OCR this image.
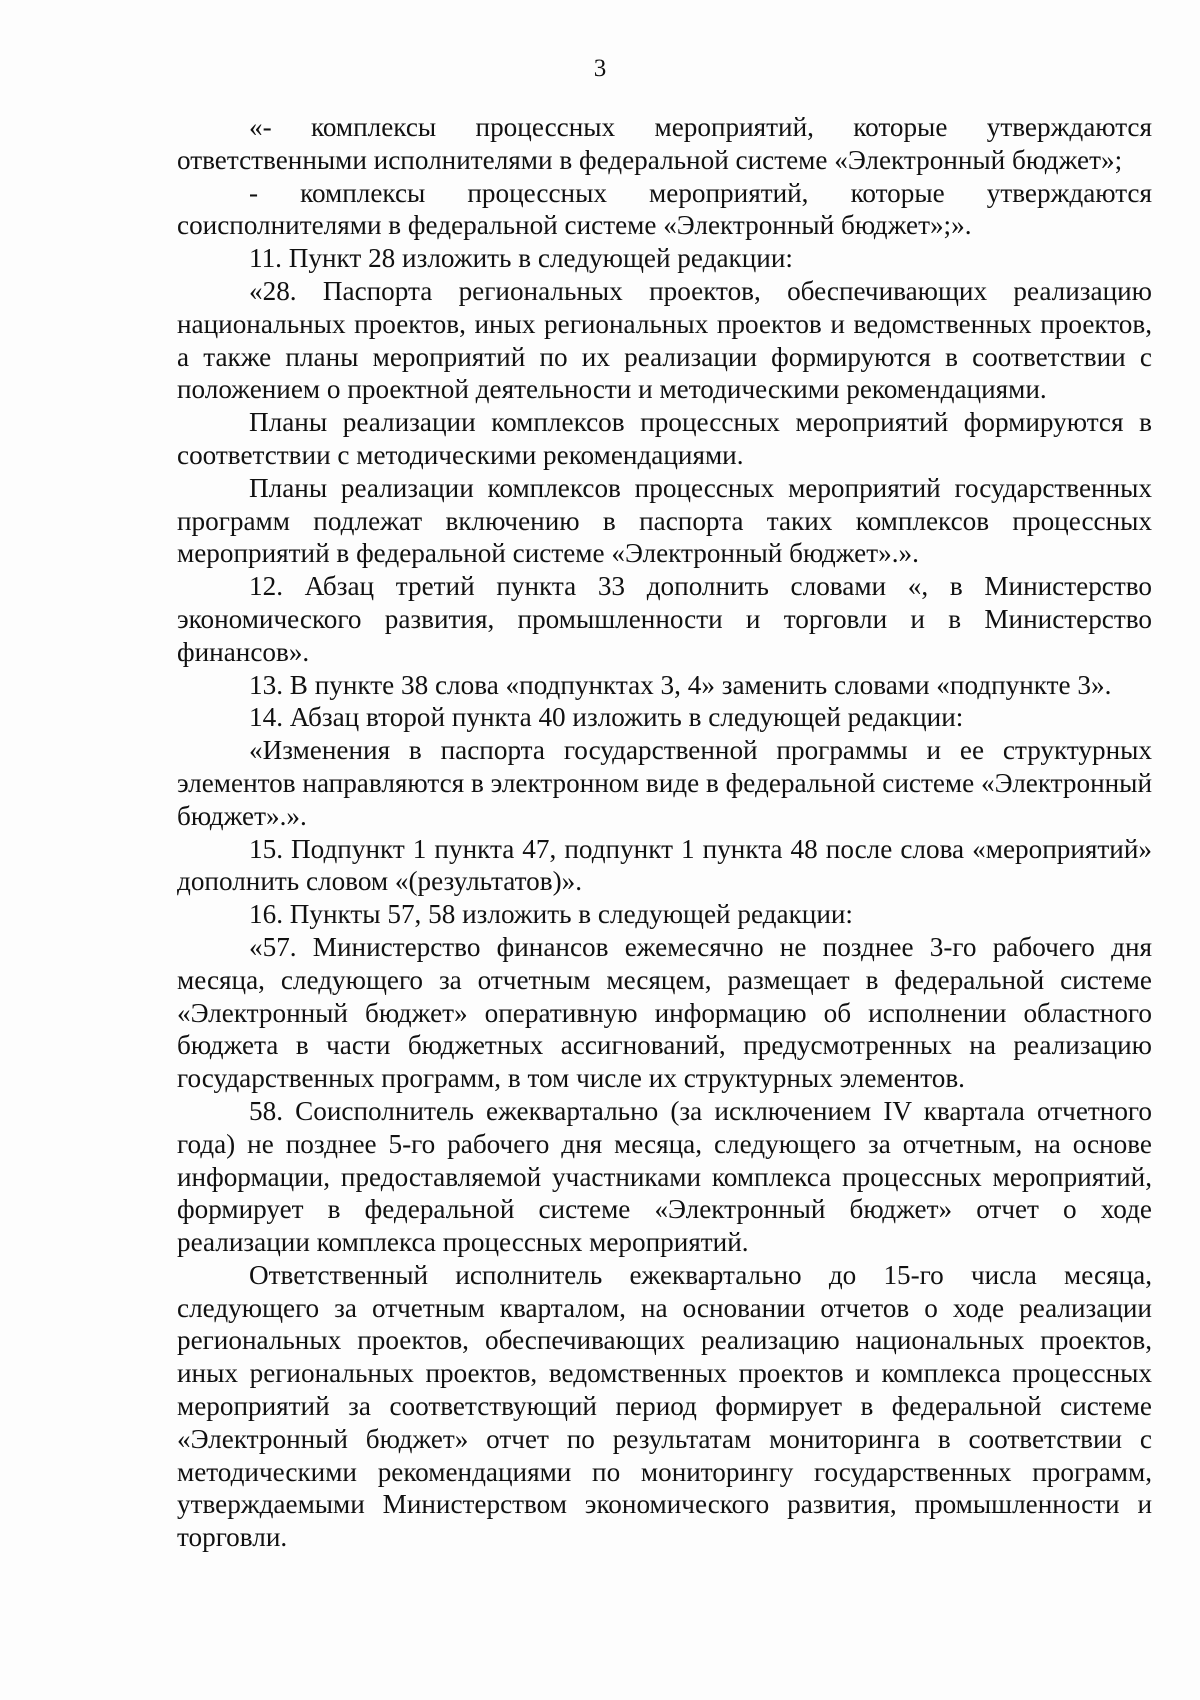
3

«- комплексы процессных мероприятий, которые утверждаются ответственными исполнителями в федеральной системе «Электронный бюджет»;

- комплексы процессных мероприятий, которые утверждаются соисполнителями в федеральной системе «Электронный бюджет»;».

11. Пункт 28 изложить в следующей редакции:

«28. Паспорта региональных проектов, обеспечивающих реализацию национальных проектов, иных региональных проектов и ведомственных проектов, а также планы мероприятий по их реализации формируются в соответствии с положением о проектной деятельности и методическими рекомендациями.

Планы реализации комплексов процессных мероприятий формируются в соответствии с методическими рекомендациями.

Планы реализации комплексов процессных мероприятий государственных программ подлежат включению в паспорта таких комплексов процессных мероприятий в федеральной системе «Электронный бюджет».».

12. Абзац третий пункта 33 дополнить словами «, в Министерство экономического развития, промышленности и торговли и в Министерство финансов».

13. В пункте 38 слова «подпунктах 3, 4» заменить словами «подпункте 3».

14. Абзац второй пункта 40 изложить в следующей редакции:

«Изменения в паспорта государственной программы и ее структурных элементов направляются в электронном виде в федеральной системе «Электронный бюджет».».

15. Подпункт 1 пункта 47, подпункт 1 пункта 48 после слова «мероприятий» дополнить словом «(результатов)».

16. Пункты 57, 58 изложить в следующей редакции:

«57. Министерство финансов ежемесячно не позднее 3-го рабочего дня месяца, следующего за отчетным месяцем, размещает в федеральной системе «Электронный бюджет» оперативную информацию об исполнении областного бюджета в части бюджетных ассигнований, предусмотренных на реализацию государственных программ, в том числе их структурных элементов.

58. Соисполнитель ежеквартально (за исключением IV квартала отчетного года) не позднее 5-го рабочего дня месяца, следующего за отчетным, на основе информации, предоставляемой участниками комплекса процессных мероприятий, формирует в федеральной системе «Электронный бюджет» отчет о ходе реализации комплекса процессных мероприятий.

Ответственный исполнитель ежеквартально до 15-го числа месяца, следующего за отчетным кварталом, на основании отчетов о ходе реализации региональных проектов, обеспечивающих реализацию национальных проектов, иных региональных проектов, ведомственных проектов и комплекса процессных мероприятий за соответствующий период формирует в федеральной системе «Электронный бюджет» отчет по результатам мониторинга в соответствии с методическими рекомендациями по мониторингу государственных программ, утверждаемыми Министерством экономического развития, промышленности и торговли.
